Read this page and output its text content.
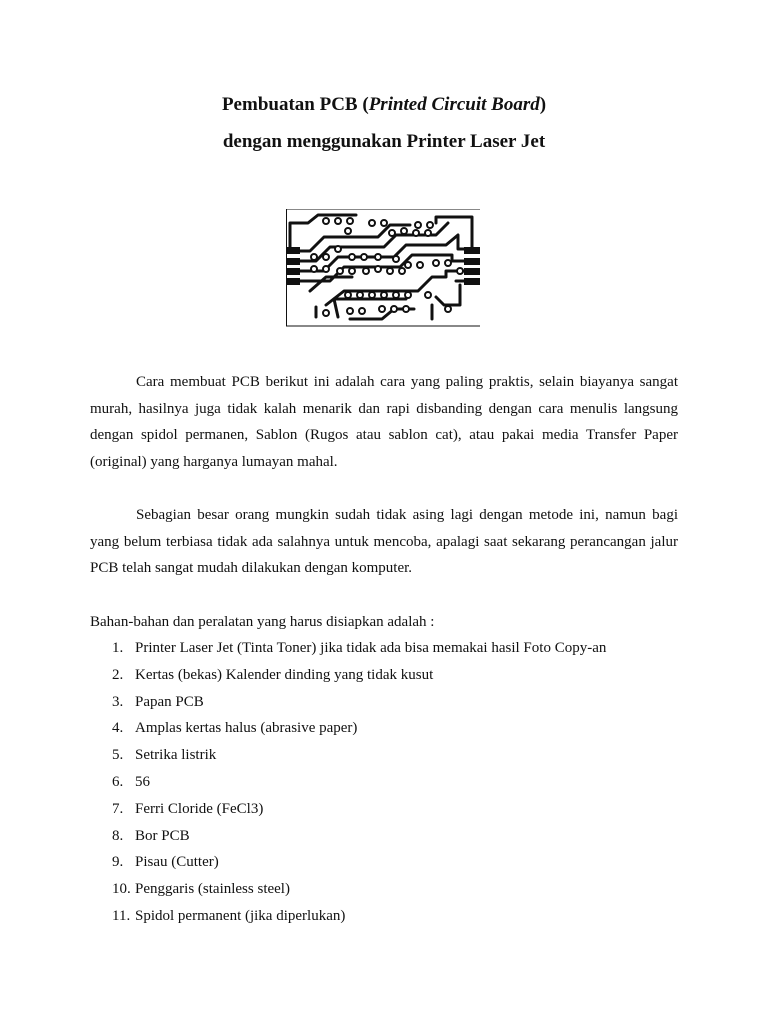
Pembuatan PCB (Printed Circuit Board)
dengan menggunakan Printer Laser Jet

Cara membuat PCB berikut ini adalah cara yang paling praktis, selain biayanya sangat murah, hasilnya juga tidak kalah menarik dan rapi disbanding dengan cara menulis langsung dengan spidol permanen, Sablon (Rugos atau sablon cat), atau pakai media Transfer Paper (original) yang harganya lumayan mahal.

Sebagian besar orang mungkin sudah tidak asing lagi dengan metode ini, namun bagi yang belum terbiasa tidak ada salahnya untuk mencoba, apalagi saat sekarang perancangan jalur PCB telah sangat mudah dilakukan dengan komputer.

Bahan-bahan dan peralatan yang harus disiapkan adalah :

1. Printer Laser Jet (Tinta Toner) jika tidak ada bisa memakai hasil Foto Copy-an
2. Kertas (bekas) Kalender dinding yang tidak kusut
3. Papan PCB
4. Amplas kertas halus (abrasive paper)
5. Setrika listrik
6. 56
7. Ferri Cloride (FeCl3)
8. Bor PCB
9. Pisau (Cutter)
10. Penggaris (stainless steel)
11. Spidol permanent (jika diperlukan)
